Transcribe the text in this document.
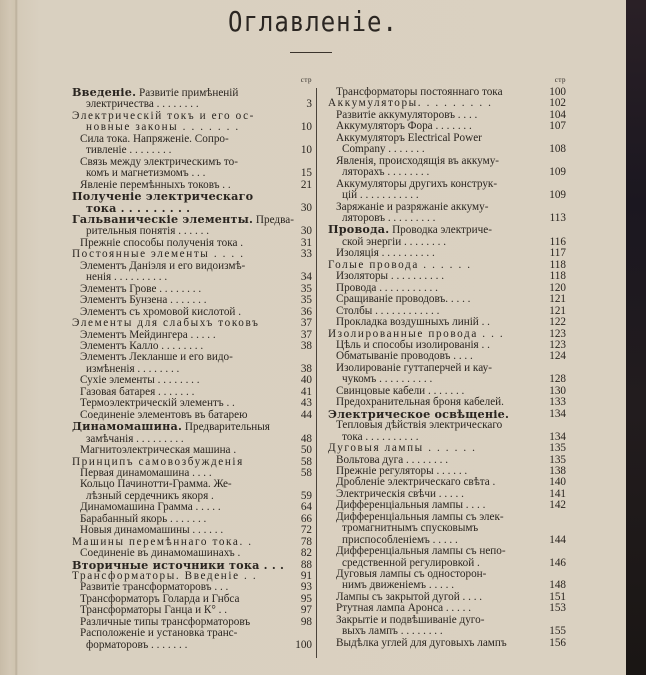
Оглавленіе.
стр
Введеніе. Развитіе примѣненій
электричества . . . . . . . .	3
Электрическій токъ и его ос-
новные законы . . . . . . .	10
Сила тока. Напряженіе. Сопро-
тивленіе . . . . . . . .	10
Связь между электрическимъ то-
комъ и магнетизмомъ . . .	15
Явленіе перемѣнныхъ токовъ . .	21
Полученіе электрическаго
тока . . . . . . . . .	30
Гальваническіе элементы. Предва-
рительныя понятія . . . . . .	30
Прежніе способы полученія тока .	31
Постоянные элементы . . . .	33
Элементъ Даніэля и его видоизмѣ-
ненія . . . . . . . . . .	34
Элементъ Грове . . . . . . . .	35
Элементъ Бунзена . . . . . . .	35
Элементъ съ хромовой кислотой .	36
Элементы для слабыхъ токовъ	37
Элементъ Мейдингера . . . . .	37
Элементъ Калло . . . . . . . .	38
Элементъ Лекланше и его видо-
измѣненія . . . . . . . .	38
Сухіе элементы . . . . . . . .	40
Газовая батарея . . . . . . .	41
Термоэлектрическій элементъ . .	43
Соединеніе элементовъ въ батарею	44
Динамомашина. Предварительныя
замѣчанія . . . . . . . . .	48
Магнитоэлектрическая машина .	50
Принципъ самовозбужденія	58
Первая динамомашина . . . .	58
Кольцо Пачинотти-Грамма. Же-
лѣзный сердечникъ якоря .	59
Динамомашина Грамма . . . . .	64
Барабанный якорь . . . . . . .	66
Новыя динамомашины . . . . . .	72
Машины перемѣннаго тока. .	78
Соединеніе въ динамомашинахъ .	82
Вторичные источники тока . . .	88
Трансформаторы. Введеніе . .	91
Развитіе трансформаторовъ . . .	93
Трансформаторъ Голарда и Гнбса	95
Трансформаторы Ганца и К° . .	97
Различные типы трансформаторовъ	98
Расположеніе и установка транс-
форматоровъ . . . . . . .	100
стр
Трансформаторы постояннаго тока	100
Аккумуляторы. . . . . . . . .	102
Развитіе аккумуляторовъ . . . .	104
Аккумуляторъ Фора . . . . . . .	107
Аккумуляторъ Electrical Power
Company . . . . . . .	108
Явленія, происходящія въ аккуму-
ляторахъ . . . . . . . .	109
Аккумуляторы другихъ конструк-
цій . . . . . . . . . . .	109
Заряжаніе и разряжаніе аккуму-
ляторовъ . . . . . . . . .	113
Провода. Проводка электриче-
ской энергіи . . . . . . . .	116
Изоляція . . . . . . . . . .	117
Голые провода . . . . . .	118
Изоляторы . . . . . . . . . .	118
Провода . . . . . . . . . . .	120
Сращиваніе проводовъ. . . . .	121
Столбы . . . . . . . . . . . .	121
Прокладка воздушныхъ линій . .	122
Изолированные провода . . .	123
Цѣль и способы изолированія . .	123
Обматываніе проводовъ . . . .	124
Изолированіе гуттаперчей и кау-
чукомъ . . . . . . . . . .	128
Свинцовые кабели . . . . . . .	130
Предохранительная броня кабелей.	133
Электрическое освѣщеніе.	134
Тепловыя дѣйствія электрическаго
тока . . . . . . . . . .	134
Дуговыя лампы . . . . . .	135
Вольтова дуга . . . . . . . .	135
Прежніе регуляторы . . . . . .	138
Дробленіе электрическаго свѣта .	140
Электрическія свѣчи . . . . .	141
Дифференціальныя лампы . . . .	142
Дифференціальныя лампы съ элек-
тромагнитнымъ спусковымъ
приспособленіемъ . . . . .	144
Дифференціальныя лампы съ непо-
средственной регулировкой .	146
Дуговыя лампы съ односторон-
нимъ движеніемъ . . . . .	148
Лампы съ закрытой дугой . . . .	151
Ртутная лампа Аронса . . . . .	153
Закрытіе и подвѣшиваніе дуго-
выхъ лампъ . . . . . . . .	155
Выдѣлка углей для дуговыхъ лампъ	156
